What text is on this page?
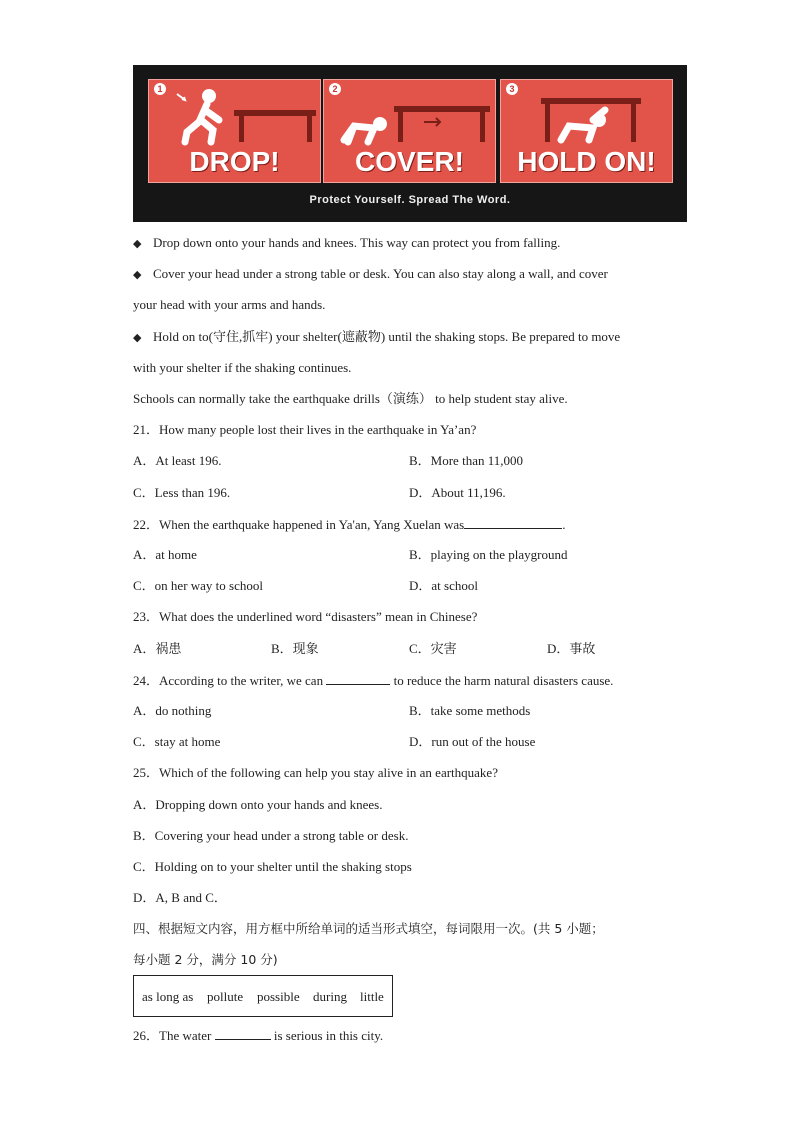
1
DROP!
2
COVER!
3
HOLD ON!
Protect Yourself. Spread The Word.
◆ Drop down onto your hands and knees. This way can protect you from falling.
◆ Cover your head under a strong table or desk. You can also stay along a wall, and cover
your head with your arms and hands.
◆ Hold on to(守住,抓牢) your shelter(遮蔽物) until the shaking stops. Be prepared to move
with your shelter if the shaking continues.
Schools can normally take the earthquake drills（演练） to help student stay alive.
21．How many people lost their lives in the earthquake in Ya’an?
A．At least 196.	B．More than 11,000
C．Less than 196.	D．About 11,196.
22．When the earthquake happened in Ya'an, Yang Xuelan was	.
A．at home	B．playing on the playground
C．on her way to school	D．at school
23．What does the underlined word “disasters” mean in Chinese?
A．祸患	B．现象	C．灾害	D．事故
24．According to the writer, we can	to reduce the harm natural disasters cause.
A．do nothing	B．take some methods
C．stay at home	D．run out of the house
25．Which of the following can help you stay alive in an earthquake?
A．Dropping down onto your hands and knees.
B．Covering your head under a strong table or desk.
C．Holding on to your shelter until the shaking stops
D．A, B and C．
四、根据短文内容，用方框中所给单词的适当形式填空，每词限用一次。(共 5 小题；
每小题 2 分，满分 10 分)
as long as pollute possible during little
26．The water	is serious in this city.
